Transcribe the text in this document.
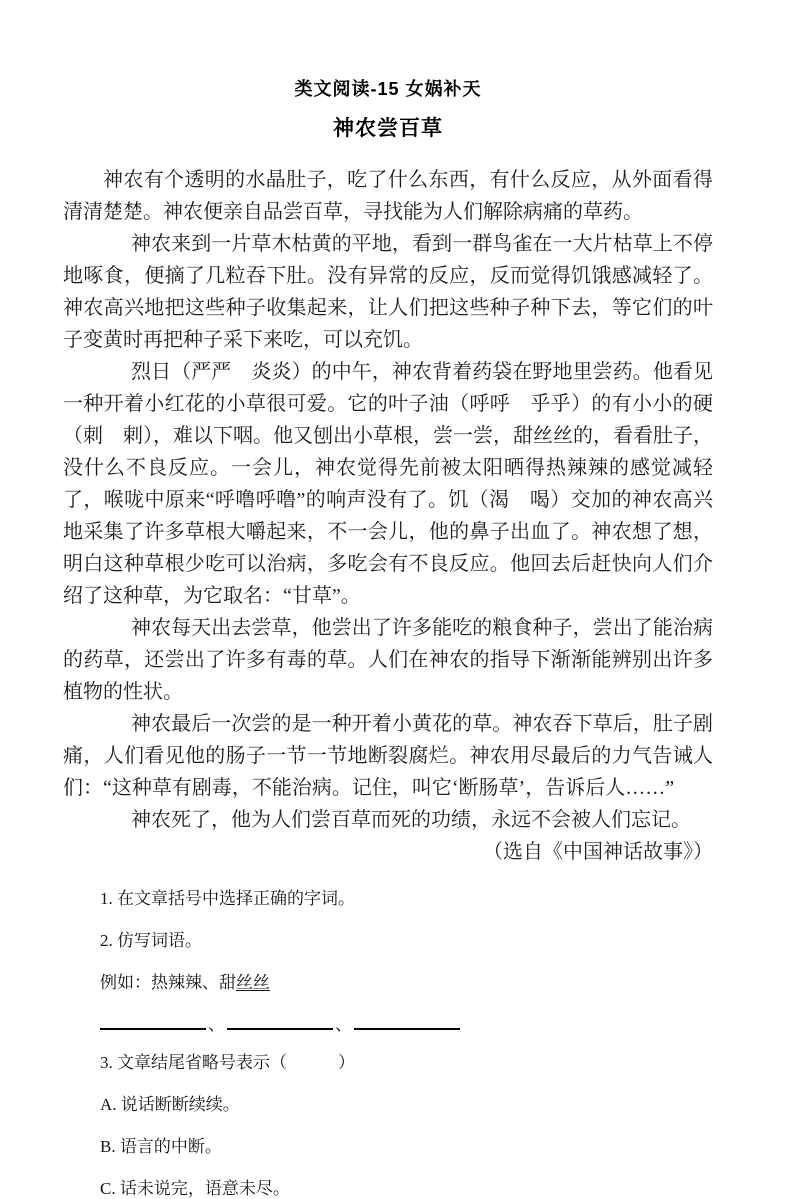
类文阅读-15 女娲补天
神农尝百草

神农有个透明的水晶肚子，吃了什么东西，有什么反应，从外面看得清清楚楚。神农便亲自品尝百草，寻找能为人们解除病痛的草药。

神农来到一片草木枯黄的平地，看到一群鸟雀在一大片枯草上不停地啄食，便摘了几粒吞下肚。没有异常的反应，反而觉得饥饿感减轻了。神农高兴地把这些种子收集起来，让人们把这些种子种下去，等它们的叶子变黄时再把种子采下来吃，可以充饥。

烈日（严严　炎炎）的中午，神农背着药袋在野地里尝药。他看见一种开着小红花的小草很可爱。它的叶子油（呼呼　乎乎）的有小小的硬（刺　剌），难以下咽。他又刨出小草根，尝一尝，甜丝丝的，看看肚子，没什么不良反应。一会儿，神农觉得先前被太阳晒得热辣辣的感觉减轻了，喉咙中原来“呼噜呼噜”的响声没有了。饥（渴　喝）交加的神农高兴地采集了许多草根大嚼起来，不一会儿，他的鼻子出血了。神农想了想，明白这种草根少吃可以治病，多吃会有不良反应。他回去后赶快向人们介绍了这种草，为它取名：“甘草”。

神农每天出去尝草，他尝出了许多能吃的粮食种子，尝出了能治病的药草，还尝出了许多有毒的草。人们在神农的指导下渐渐能辨别出许多植物的性状。

神农最后一次尝的是一种开着小黄花的草。神农吞下草后，肚子剧痛，人们看见他的肠子一节一节地断裂腐烂。神农用尽最后的力气告诫人们：“这种草有剧毒，不能治病。记住，叫它‘断肠草’，告诉后人……”

神农死了，他为人们尝百草而死的功绩，永远不会被人们忘记。

（选自《中国神话故事》）

1. 在文章括号中选择正确的字词。

2. 仿写词语。

例如：热辣辣、甜丝丝

、	、

3. 文章结尾省略号表示（　　　）

A. 说话断断续续。

B. 语言的中断。

C. 话未说完，语意未尽。
